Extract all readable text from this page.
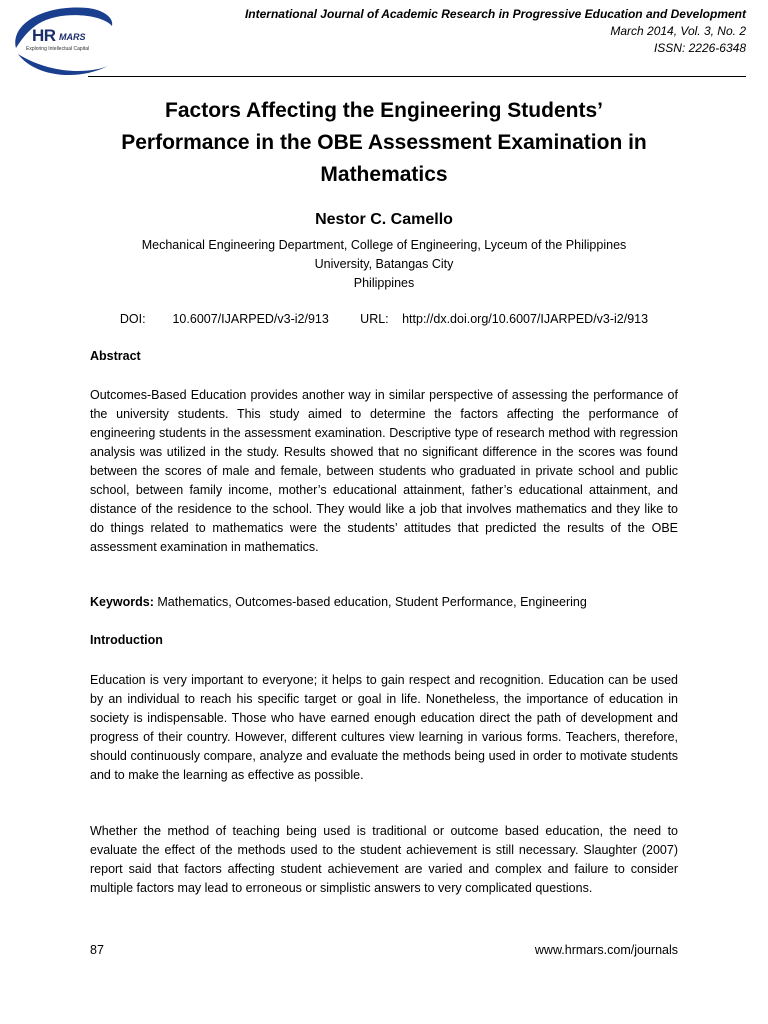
HR MARS
Exploring Intellectual Capital
International Journal of Academic Research in Progressive Education and Development
March 2014, Vol. 3, No. 2
ISSN: 2226-6348
Factors Affecting the Engineering Students’
Performance in the OBE Assessment Examination in
Mathematics
Nestor C. Camello
Mechanical Engineering Department, College of Engineering, Lyceum of the Philippines
University, Batangas City
Philippines
DOI: 10.6007/IJARPED/v3-i2/913	URL: http://dx.doi.org/10.6007/IJARPED/v3-i2/913
Abstract

Outcomes-Based Education provides another way in similar perspective of assessing the performance of the university students. This study aimed to determine the factors affecting the performance of engineering students in the assessment examination. Descriptive type of research method with regression analysis was utilized in the study. Results showed that no significant difference in the scores was found between the scores of male and female, between students who graduated in private school and public school, between family income, mother’s educational attainment, father’s educational attainment, and distance of the residence to the school. They would like a job that involves mathematics and they like to do things related to mathematics were the students’ attitudes that predicted the results of the OBE assessment examination in mathematics.

Keywords: Mathematics, Outcomes-based education, Student Performance, Engineering
Introduction

Education is very important to everyone; it helps to gain respect and recognition. Education can be used by an individual to reach his specific target or goal in life. Nonetheless, the importance of education in society is indispensable. Those who have earned enough education direct the path of development and progress of their country. However, different cultures view learning in various forms. Teachers, therefore, should continuously compare, analyze and evaluate the methods being used in order to motivate students and to make the learning as effective as possible.

Whether the method of teaching being used is traditional or outcome based education, the need to evaluate the effect of the methods used to the student achievement is still necessary. Slaughter (2007) report said that factors affecting student achievement are varied and complex and failure to consider multiple factors may lead to erroneous or simplistic answers to very complicated questions.

87	www.hrmars.com/journals
